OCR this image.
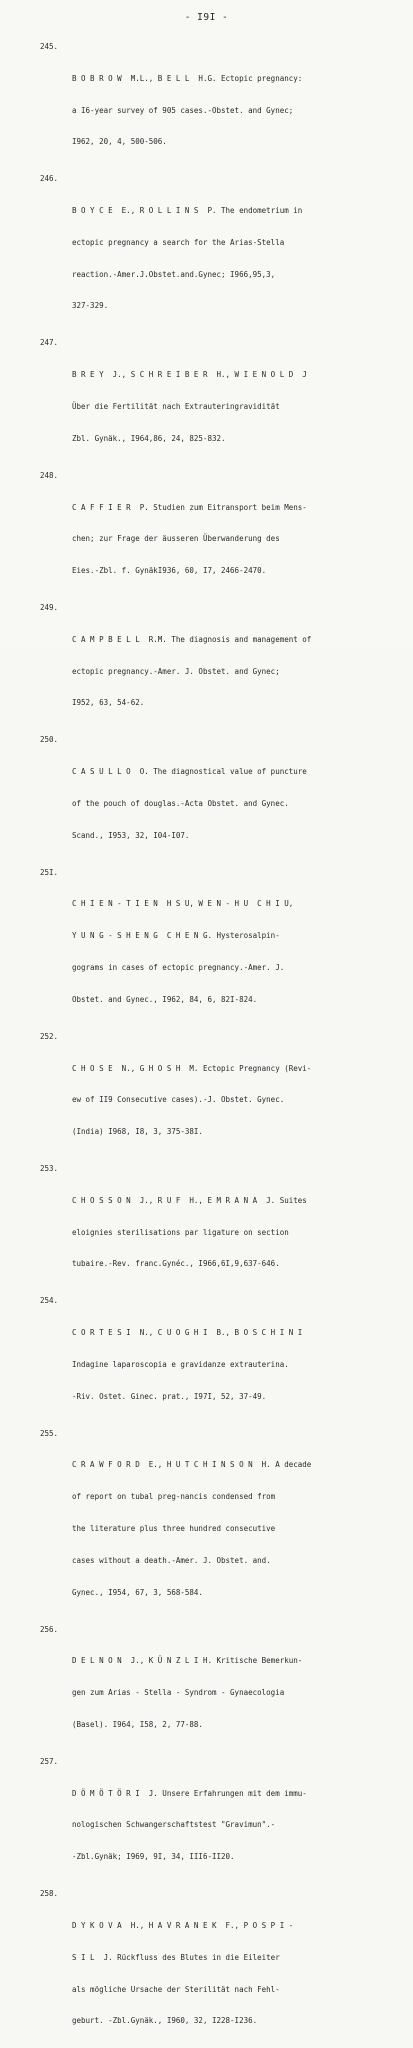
- I9I -

245.

B O B R O W  M.L., B E L L  H.G. Ectopic pregnancy:

a I6-year survey of 905 cases.-Obstet. and Gynec;

I962, 20, 4, 500-506.

246.

B O Y C E  E., R O L L I N S  P. The endometrium in

ectopic pregnancy a search for the Arias-Stella

reaction.-Amer.J.Obstet.and.Gynec; I966,95,3,

327-329.

247.

B R E Y  J., S C H R E I B E R  H., W I E N O L D  J

Über die Fertilität nach Extrauteringravidität

Zbl. Gynäk., I964,86, 24, 825-832.

248.

C A F F I E R  P. Studien zum Eitransport beim Mens-

chen; zur Frage der äusseren Überwanderung des

Eies.-Zbl. f. GynäkI936, 60, I7, 2466-2470.

249.

C A M P B E L L  R.M. The diagnosis and management of

ectopic pregnancy.-Amer. J. Obstet. and Gynec;

I952, 63, 54-62.

250.

C A S U L L O  O. The diagnostical value of puncture

of the pouch of douglas.-Acta Obstet. and Gynec.

Scand., I953, 32, I04-I07.

25I.

C H I E N - T I E N  H S U, W E N - H U  C H I U,

Y U N G - S H E N G  C H E N G. Hysterosalpin-

gograms in cases of ectopic pregnancy.-Amer. J.

Obstet. and Gynec., I962, 84, 6, 82I-824.

252.

C H O S E  N., G H O S H  M. Ectopic Pregnancy (Revi-

ew of II9 Consecutive cases).-J. Obstet. Gynec.

(India) I968, I8, 3, 375-38I.

253.

C H O S S O N  J., R U F  H., E M R A N A  J. Suites

eloignies sterilisations par ligature on section

tubaire.-Rev. franc.Gynéc., I966,6I,9,637-646.

254.

C O R T E S I  N., C U O G H I  B., B O S C H I N I

Indagine laparoscopia e gravidanze extrauterina.

-Riv. Ostet. Ginec. prat., I97I, 52, 37-49.

255.

C R A W F O R D  E., H U T C H I N S O N  H. A decade

of report on tubal preg-nancis condensed from

the literature plus three hundred consecutive

cases without a death.-Amer. J. Obstet. and.

Gynec., I954, 67, 3, 568-584.

256.

D E L N O N  J., K Ü N Z L I H. Kritische Bemerkun-

gen zum Arias - Stella - Syndrom - Gynaecologia

(Basel). I964, I58, 2, 77-88.

257.

D Ö M Ö T Ö R I  J. Unsere Erfahrungen mit dem immu-

nologischen Schwangerschaftstest "Gravimun".-

-Zbl.Gynäk; I969, 9I, 34, III6-II20.

258.

D Y K O V A  H., H A V R A N E K  F., P O S P I -

S I L  J. Rückfluss des Blutes in die Eileiter

als mögliche Ursache der Sterilität nach Fehl-

geburt. -Zbl.Gynäk., I960, 32, I228-I236.
